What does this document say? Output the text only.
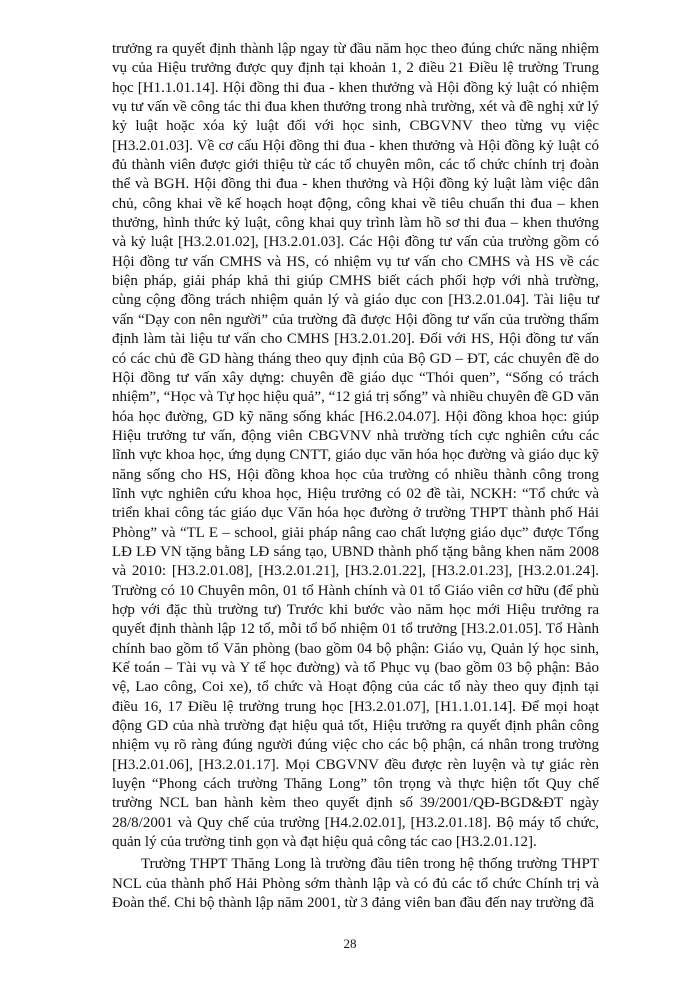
trưởng ra quyết định thành lập ngay từ đầu năm học theo đúng chức năng nhiệm vụ của Hiệu trưởng được quy định tại khoản 1, 2 điều 21 Điều lệ trường Trung học [H1.1.01.14]. Hội đồng thi đua - khen thưởng và Hội đồng kỷ luật có nhiệm vụ tư vấn về công tác thi đua khen thưởng trong nhà trường, xét và đề nghị xử lý kỷ luật hoặc xóa kỷ luật đối với học sinh, CBGVNV theo từng vụ việc [H3.2.01.03]. Về cơ cấu Hội đồng thi đua - khen thưởng và Hội đồng kỷ luật có đủ thành viên được giới thiệu từ các tổ chuyên môn, các tổ chức chính trị đoàn thể và BGH. Hội đồng thi đua - khen thưởng và Hội đồng kỷ luật làm việc dân chủ, công khai về kế hoạch hoạt động, công khai về tiêu chuẩn thi đua – khen thưởng, hình thức kỷ luật, công khai quy trình làm hồ sơ thi đua – khen thưởng và kỷ luật [H3.2.01.02], [H3.2.01.03]. Các Hội đồng tư vấn của trường gồm có Hội đồng tư vấn CMHS và HS, có nhiệm vụ tư vấn cho CMHS và HS về các biện pháp, giải pháp khả thi giúp CMHS biết cách phối hợp với nhà trường, cùng cộng đồng trách nhiệm quản lý và giáo dục con [H3.2.01.04]. Tài liệu tư vấn “Dạy con nên người” của trường đã được Hội đồng tư vấn của trường thẩm định làm tài liệu tư vấn cho CMHS [H3.2.01.20]. Đối với HS, Hội đồng tư vấn có các chủ đề GD hàng tháng theo quy định của Bộ GD – ĐT, các chuyên đề do Hội đồng tư vấn xây dựng: chuyên đề giáo dục “Thói quen”, “Sống có trách nhiệm”, “Học và Tự học hiệu quả”, “12 giá trị sống” và nhiều chuyên đề GD văn hóa học đường, GD kỹ năng sống khác [H6.2.04.07]. Hội đồng khoa học: giúp Hiệu trưởng tư vấn, động viên CBGVNV nhà trường tích cực nghiên cứu các lĩnh vực khoa học, ứng dụng CNTT, giáo dục văn hóa học đường và giáo dục kỹ năng sống cho HS, Hội đồng khoa học của trường có nhiều thành công trong lĩnh vực nghiên cứu khoa học, Hiệu trưởng có 02 đề tài, NCKH: “Tổ chức và triển khai công tác giáo dục Văn hóa học đường ở trường THPT thành phố Hải Phòng” và “TL E – school, giải pháp nâng cao chất lượng giáo dục” được Tổng LĐ LĐ VN tặng bằng LĐ sáng tạo, UBND thành phố tặng bằng khen năm 2008 và 2010: [H3.2.01.08], [H3.2.01.21], [H3.2.01.22], [H3.2.01.23], [H3.2.01.24]. Trường có 10 Chuyên môn, 01 tổ Hành chính và 01 tổ Giáo viên cơ hữu (để phù hợp với đặc thù trường tư) Trước khi bước vào năm học mới Hiệu trưởng ra quyết định thành lập 12 tổ, mỗi tổ bổ nhiệm 01 tổ trưởng [H3.2.01.05]. Tổ Hành chính bao gồm tổ Văn phòng (bao gồm 04 bộ phận: Giáo vụ, Quản lý học sinh, Kế toán – Tài vụ và Y tế học đường) và tổ Phục vụ (bao gồm 03 bộ phận: Bảo vệ, Lao công, Coi xe), tổ chức và Hoạt động của các tổ này theo quy định tại điều 16, 17 Điều lệ trường trung học [H3.2.01.07], [H1.1.01.14]. Để mọi hoạt động GD của nhà trường đạt hiệu quả tốt, Hiệu trưởng ra quyết định phân công nhiệm vụ rõ ràng đúng người đúng việc cho các bộ phận, cá nhân trong trường [H3.2.01.06], [H3.2.01.17]. Mọi CBGVNV đều được rèn luyện và tự giác rèn luyện “Phong cách trường Thăng Long” tôn trọng và thực hiện tốt Quy chế trường NCL ban hành kèm theo quyết định số 39/2001/QĐ-BGD&ĐT ngày 28/8/2001 và Quy chế của trường [H4.2.02.01], [H3.2.01.18]. Bộ máy tổ chức, quản lý của trường tinh gọn và đạt hiệu quả công tác cao [H3.2.01.12].

Trường THPT Thăng Long là trường đầu tiên trong hệ thống trường THPT NCL của thành phố Hải Phòng sớm thành lập và có đủ các tổ chức Chính trị và Đoàn thể. Chi bộ thành lập năm 2001, từ 3 đảng viên ban đầu đến nay trường đã

28
